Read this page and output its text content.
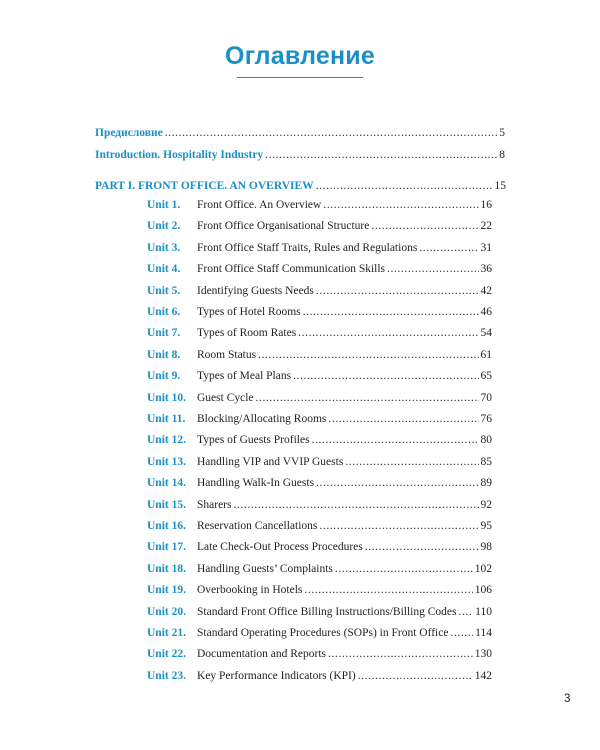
Оглавление
Предисловие .....	5
Introduction. Hospitality Industry .....	8
PART I. FRONT OFFICE. AN OVERVIEW .....	15
Unit 1.	Front Office. An Overview .....	16
Unit 2.	Front Office Organisational Structure .....	22
Unit 3.	Front Office Staff Traits, Rules and Regulations .....	31
Unit 4.	Front Office Staff Communication Skills .....	36
Unit 5.	Identifying Guests Needs .....	42
Unit 6.	Types of Hotel Rooms .....	46
Unit 7.	Types of Room Rates .....	54
Unit 8.	Room Status .....	61
Unit 9.	Types of Meal Plans .....	65
Unit 10. Guest Cycle .....	70
Unit 11.	Blocking/Allocating Rooms .....	76
Unit 12. Types of Guests Profiles .....	80
Unit 13. Handling VIP and VVIP Guests .....	85
Unit 14. Handling Walk-In Guests .....	89
Unit 15. Sharers .....	92
Unit 16. Reservation Cancellations .....	95
Unit 17. Late Check-Out Process Procedures .....	98
Unit 18. Handling Guests’ Complaints .....	102
Unit 19. Overbooking in Hotels .....	106
Unit 20. Standard Front Office Billing Instructions/Billing Codes ..... 110
Unit 21. Standard Operating Procedures (SOPs) in Front Office ..... 114
Unit 22. Documentation and Reports .....	130
Unit 23. Key Performance Indicators (KPI) .....	142
3
